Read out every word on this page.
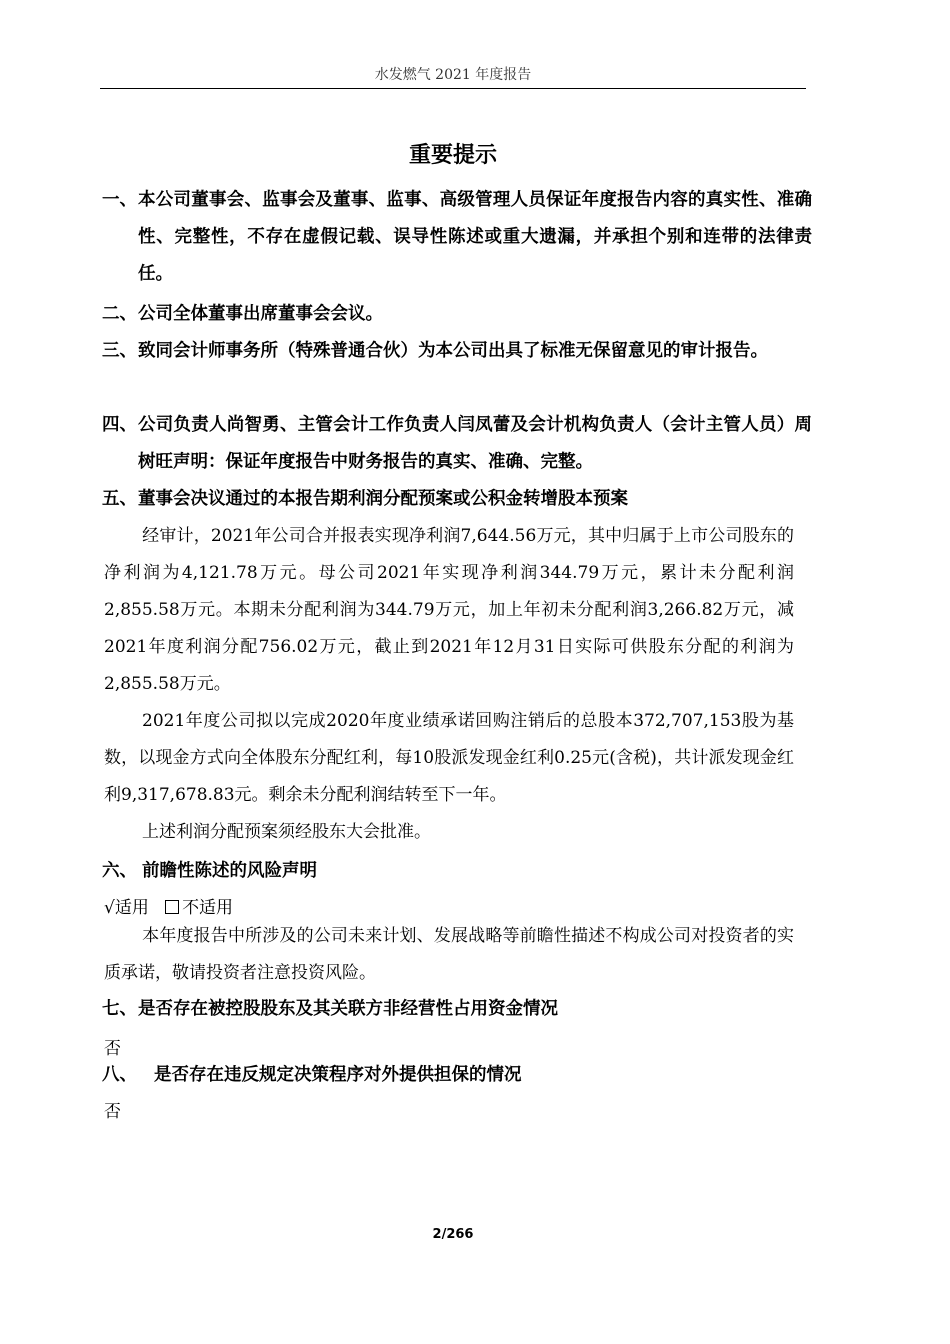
水发燃气 2021 年度报告
重要提示
一、 本公司董事会、监事会及董事、监事、高级管理人员保证年度报告内容的真实性、准确性、完整性，不存在虚假记载、误导性陈述或重大遗漏，并承担个别和连带的法律责任。
二、 公司全体董事出席董事会会议。
三、 致同会计师事务所（特殊普通合伙）为本公司出具了标准无保留意见的审计报告。
四、 公司负责人尚智勇、主管会计工作负责人闫凤蕾及会计机构负责人（会计主管人员）周树旺声明：保证年度报告中财务报告的真实、准确、完整。
五、 董事会决议通过的本报告期利润分配预案或公积金转增股本预案

经审计，2021年公司合并报表实现净利润7,644.56万元，其中归属于上市公司股东的净利润为4,121.78万元。母公司2021年实现净利润344.79万元，累计未分配利润2,855.58万元。本期未分配利润为344.79万元，加上年初未分配利润3,266.82万元，减2021年度利润分配756.02万元，截止到2021年12月31日实际可供股东分配的利润为2,855.58万元。

2021年度公司拟以完成2020年度业绩承诺回购注销后的总股本372,707,153股为基数，以现金方式向全体股东分配红利，每10股派发现金红利0.25元(含税)，共计派发现金红利9,317,678.83元。剩余未分配利润结转至下一年。

上述利润分配预案须经股东大会批准。

六、 前瞻性陈述的风险声明
√适用 不适用

本年度报告中所涉及的公司未来计划、发展战略等前瞻性描述不构成公司对投资者的实质承诺，敬请投资者注意投资风险。

七、 是否存在被控股股东及其关联方非经营性占用资金情况

否

八、 是否存在违反规定决策程序对外提供担保的情况

否

2/266
